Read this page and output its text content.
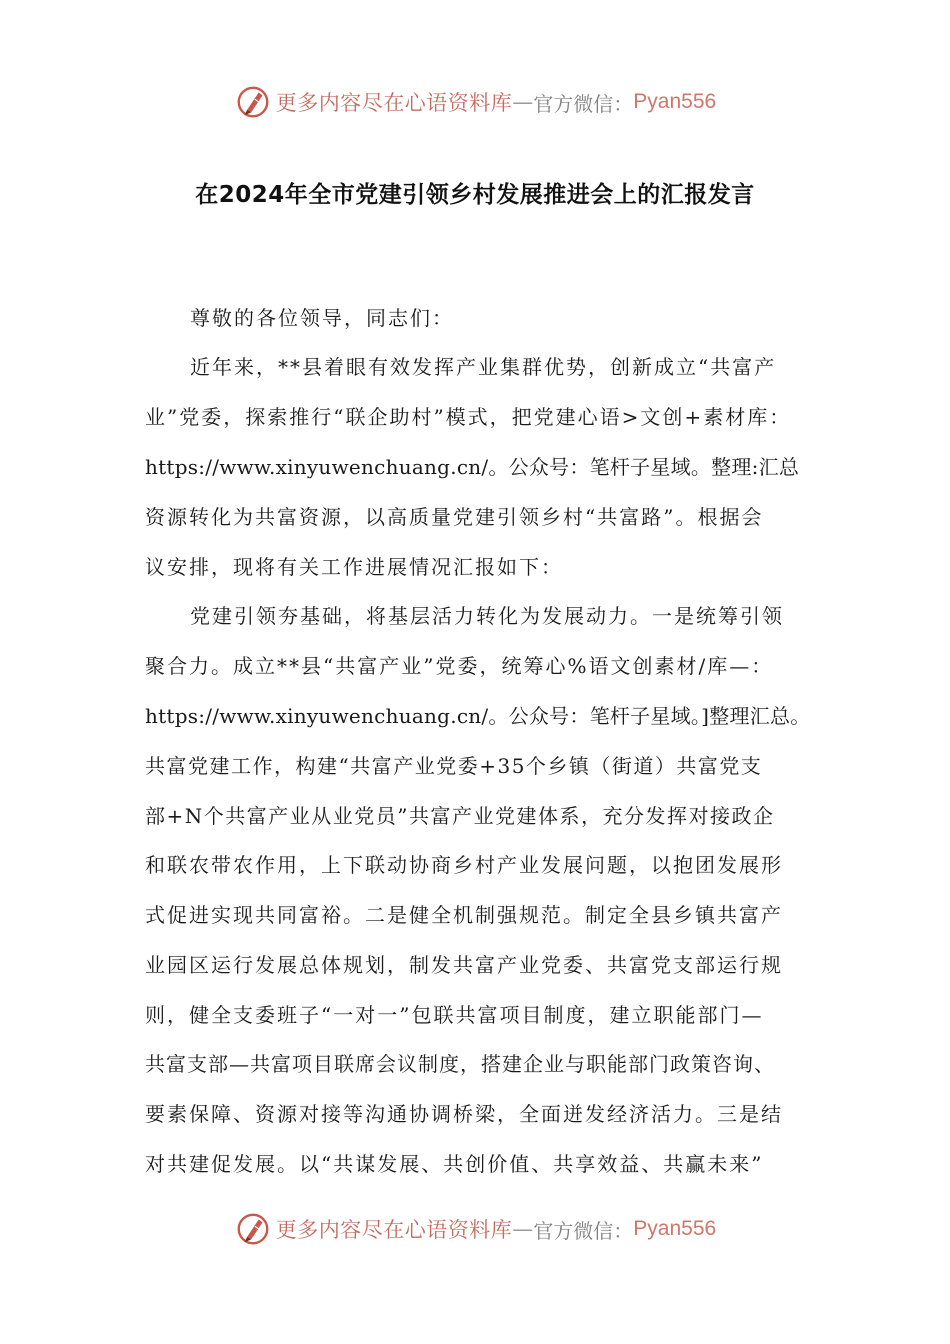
更多内容尽在心语资料库 — 官方微信： Pyan556
在2024年全市党建引领乡村发展推进会上的汇报发言
尊敬的各位领导，同志们：
近年来，**县着眼有效发挥产业集群优势，创新成立“共富产
业”党委，探索推行“联企助村”模式，把党建心语>文创+素材库：
https://www.xinyuwenchuang.cn/。公众号：笔杆子星域。整理:汇总
资源转化为共富资源，以高质量党建引领乡村“共富路”。根据会
议安排，现将有关工作进展情况汇报如下：
党建引领夯基础，将基层活力转化为发展动力。一是统筹引领
聚合力。成立**县“共富产业”党委，统筹心%语文创素材/库—：
https://www.xinyuwenchuang.cn/。公众号：笔杆子星域。]整理汇总。
共富党建工作，构建“共富产业党委+35个乡镇（街道）共富党支
部+N个共富产业从业党员”共富产业党建体系，充分发挥对接政企
和联农带农作用，上下联动协商乡村产业发展问题，以抱团发展形
式促进实现共同富裕。二是健全机制强规范。制定全县乡镇共富产
业园区运行发展总体规划，制发共富产业党委、共富党支部运行规
则，健全支委班子“一对一”包联共富项目制度，建立职能部门—
共富支部—共富项目联席会议制度，搭建企业与职能部门政策咨询、
要素保障、资源对接等沟通协调桥梁，全面迸发经济活力。三是结
对共建促发展。以“共谋发展、共创价值、共享效益、共赢未来”
更多内容尽在心语资料库 — 官方微信： Pyan556
